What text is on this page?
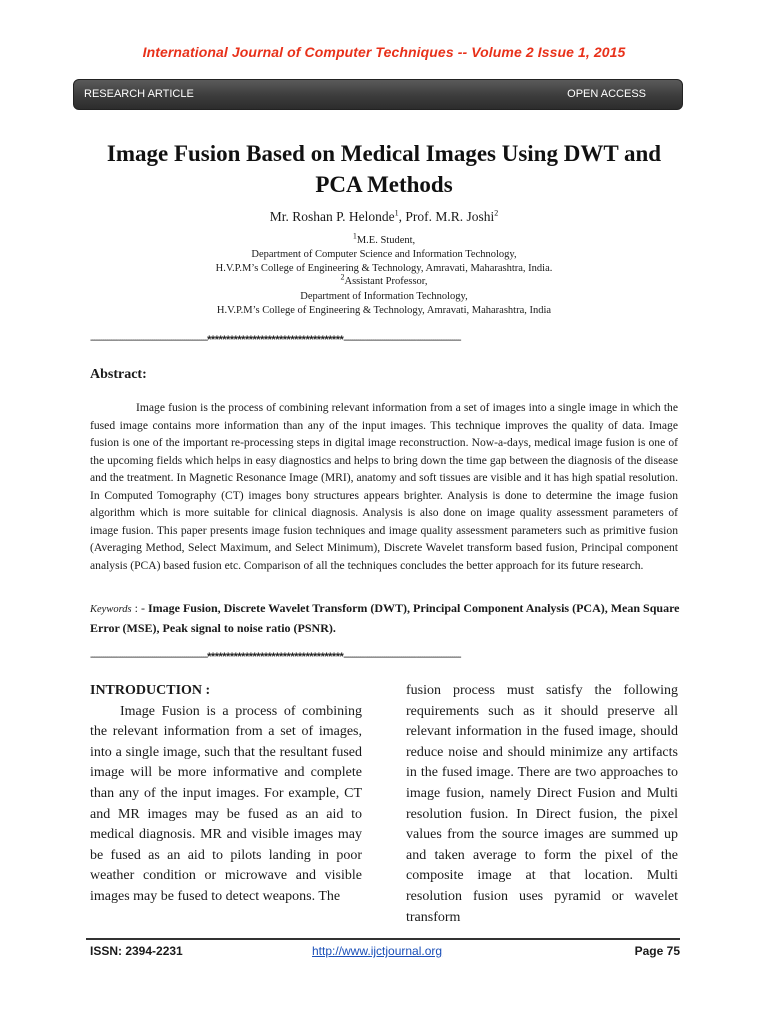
International Journal of Computer Techniques -- Volume 2 Issue 1, 2015
RESEARCH ARTICLE	OPEN ACCESS
Image Fusion Based on Medical Images Using DWT and PCA Methods
Mr. Roshan P. Helonde$^1$, Prof. M.R. Joshi$^2$
$^1$M.E. Student,
Department of Computer Science and Information Technology,
H.V.P.M’s College of Engineering & Technology, Amravati, Maharashtra, India.
$^2$Assistant Professor,
Department of Information Technology,
H.V.P.M’s College of Engineering & Technology, Amravati, Maharashtra, India
-------------------------------------------------------************************************-------------------------------------------------------
Abstract:
Image fusion is the process of combining relevant information from a set of images into a single image in which the fused image contains more information than any of the input images. This technique improves the quality of data. Image fusion is one of the important re-processing steps in digital image reconstruction. Now-a-days, medical image fusion is one of the upcoming fields which helps in easy diagnostics and helps to bring down the time gap between the diagnosis of the disease and the treatment. In Magnetic Resonance Image (MRI), anatomy and soft tissues are visible and it has high spatial resolution. In Computed Tomography (CT) images bony structures appears brighter. Analysis is done to determine the image fusion algorithm which is more suitable for clinical diagnosis. Analysis is also done on image quality assessment parameters of image fusion. This paper presents image fusion techniques and image quality assessment parameters such as primitive fusion (Averaging Method, Select Maximum, and Select Minimum), Discrete Wavelet transform based fusion, Principal component analysis (PCA) based fusion etc. Comparison of all the techniques concludes the better approach for its future research.
Keywords : - Image Fusion, Discrete Wavelet Transform (DWT), Principal Component Analysis (PCA), Mean Square Error (MSE), Peak signal to noise ratio (PSNR).
-------------------------------------------------------************************************-------------------------------------------------------
INTRODUCTION :
Image Fusion is a process of combining the relevant information from a set of images, into a single image, such that the resultant fused image will be more informative and complete than any of the input images. For example, CT and MR images may be fused as an aid to medical diagnosis. MR and visible images may be fused as an aid to pilots landing in poor weather condition or microwave and visible images may be fused to detect weapons. The
fusion process must satisfy the following requirements such as it should preserve all relevant information in the fused image, should reduce noise and should minimize any artifacts in the fused image. There are two approaches to image fusion, namely Direct Fusion and Multi resolution fusion. In Direct fusion, the pixel values from the source images are summed up and taken average to form the pixel of the composite image at that location. Multi resolution fusion uses pyramid or wavelet transform
ISSN: 2394-2231	http://www.ijctjournal.org	Page 75
